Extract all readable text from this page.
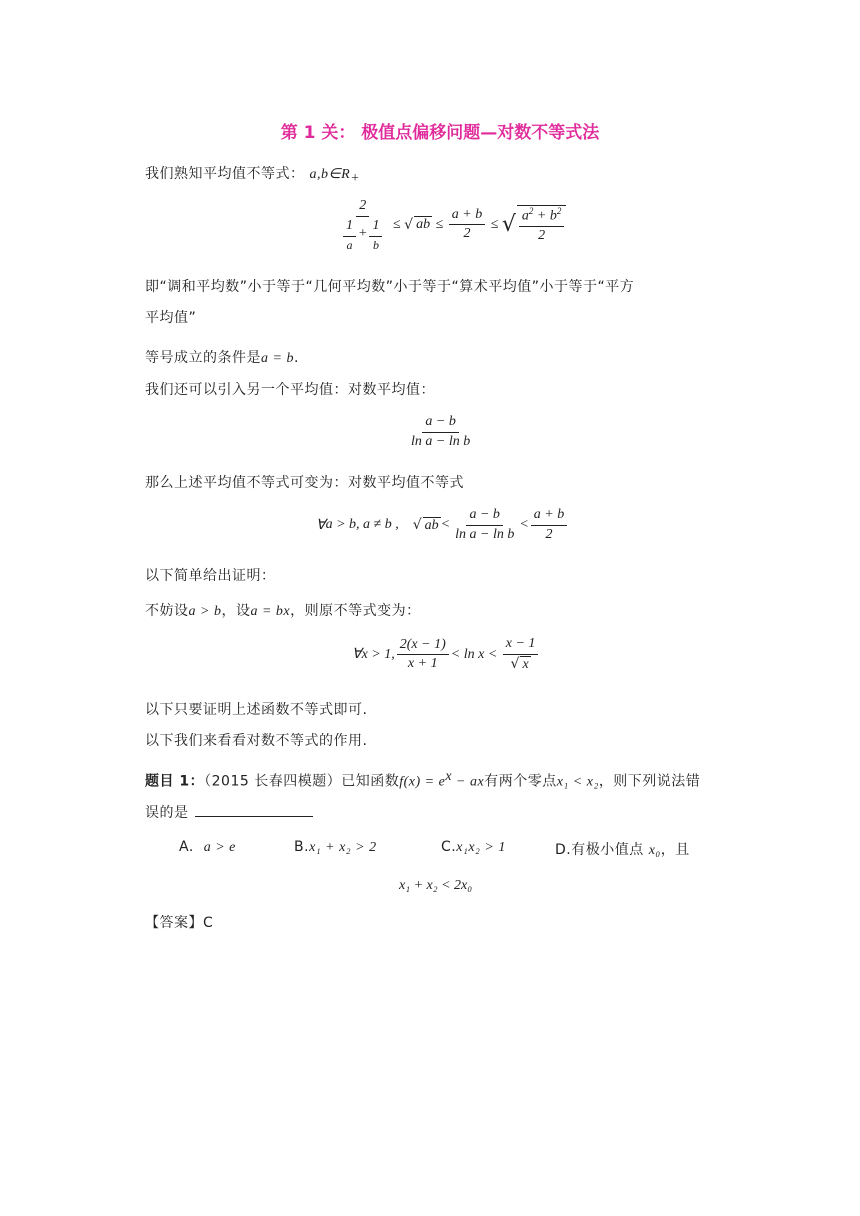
第 1 关： 极值点偏移问题—对数不等式法
我们熟知平均值不等式： $a,b\in R_+$
$\frac{2}{\frac{1}{a} + \frac{1}{b}}$ ≤ √ ab ≤ $\frac{a + b}{2}$ ≤ √ $\frac{a^2 + b^2}{2}$
即“调和平均数”小于等于“几何平均数”小于等于“算术平均值”小于等于“平方
平均值”
等号成立的条件是a = b.
我们还可以引入另一个平均值：对数平均值：
$\frac{a - b}{\text{ln a − ln b}}$
那么上述平均值不等式可变为：对数平均值不等式
∀ a > b, a ≠ b , √ ab < $\frac{a - b}{\text{ln a − ln b}} < \frac{a + b}{2}$
以下简单给出证明：
不妨设a > b，设a = bx，则原不等式变为：
∀ x > 1, $\frac{2(x - 1)}{x + 1} < \ln x < \frac{x - 1}{√ x}$
以下只要证明上述函数不等式即可.
以下我们来看看对数不等式的作用.
题目 1：（2015 长春四模题）已知函数$f(x) = e^x$ − ax有两个零点x₁ < x₂，则下列说法错
误的是
A. a > e	B.x₁ + x₂ > 2	C.x₁x₂ > 1	D.有极小值点 x₀，且
x₁ + x₂ < 2x₀
【答案】C
